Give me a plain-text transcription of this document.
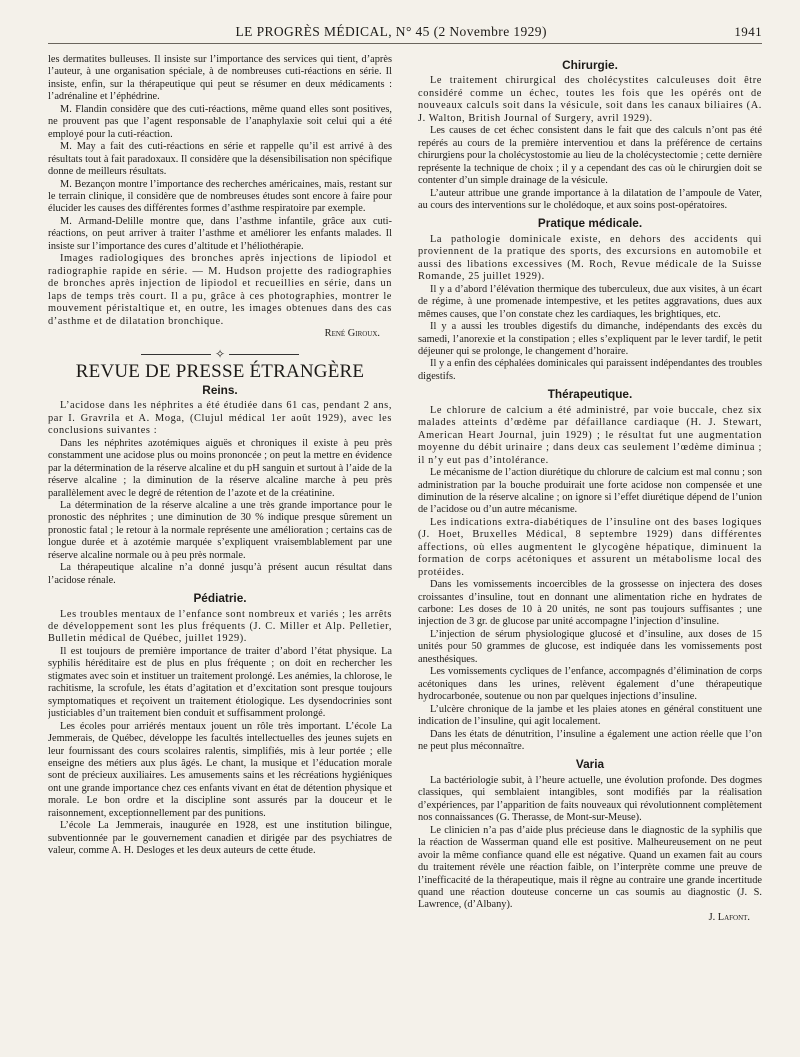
LE PROGRÈS MÉDICAL, N° 45 (2 Novembre 1929)	1941

les dermatites bulleuses. Il insiste sur l’importance des services qui tient, d’après l’auteur, à une organisation spéciale, à de nombreuses cuti-réactions en série. Il insiste, enfin, sur la thérapeutique qui peut se résumer en deux médicaments : l’adrénaline et l’éphédrine.

M. Flandin considère que des cuti-réactions, même quand elles sont positives, ne prouvent pas que l’agent responsable de l’anaphylaxie soit celui qui a été employé pour la cuti-réaction.

M. May a fait des cuti-réactions en série et rappelle qu’il est arrivé à des résultats tout à fait paradoxaux. Il considère que la désensibilisation non spécifique donne de meilleurs résultats.

M. Bezançon montre l’importance des recherches américaines, mais, restant sur le terrain clinique, il considère que de nombreuses études sont encore à faire pour élucider les causes des différentes formes d’asthme respiratoire par exemple.

M. Armand-Delille montre que, dans l’asthme infantile, grâce aux cuti-réactions, on peut arriver à traiter l’asthme et améliorer les enfants malades. Il insiste sur l’importance des cures d’altitude et l’héliothérapie.

Images radiologiques des bronches après injections de lipiodol et radiographie rapide en série. — M. Hudson projette des radiographies de bronches après injection de lipiodol et recueillies en série, dans un laps de temps très court. Il a pu, grâce à ces photographies, montrer le mouvement péristaltique et, en outre, les images obtenues dans des cas d’asthme et de dilatation bronchique.

René Giroux.
✧
REVUE DE PRESSE ÉTRANGÈRE
Reins.

L’acidose dans les néphrites a été étudiée dans 61 cas, pendant 2 ans, par I. Gravrila et A. Moga, (Clujul médical 1er août 1929), avec les conclusions suivantes :

Dans les néphrites azotémiques aiguës et chroniques il existe à peu près constamment une acidose plus ou moins prononcée ; on peut la mettre en évidence par la détermination de la réserve alcaline et du pH sanguin et surtout à l’aide de la réserve alcaline ; la diminution de la réserve alcaline marche à peu près parallèlement avec le degré de rétention de l’azote et de la créatinine.

La détermination de la réserve alcaline a une très grande importance pour le pronostic des néphrites ; une diminution de 30 % indique presque sûrement un pronostic fatal ; le retour à la normale représente une amélioration ; certains cas de longue durée et à azotémie marquée s’expliquent vraisemblablement par une réserve alcaline normale ou à peu près normale.

La thérapeutique alcaline n’a donné jusqu’à présent aucun résultat dans l’acidose rénale.

Pédiatrie.

Les troubles mentaux de l’enfance sont nombreux et variés ; les arrêts de développement sont les plus fréquents (J. C. Miller et Alp. Pelletier, Bulletin médical de Québec, juillet 1929).

Il est toujours de première importance de traiter d’abord l’état physique. La syphilis héréditaire est de plus en plus fréquente ; on doit en rechercher les stigmates avec soin et instituer un traitement prolongé. Les anémies, la chlorose, le rachitisme, la scrofule, les états d’agitation et d’excitation sont presque toujours symptomatiques et reçoivent un traitement étiologique. Les dysendocrinies sont justiciables d’un traitement bien conduit et suffisamment prolongé.

Les écoles pour arriérés mentaux jouent un rôle très important. L’école La Jemmerais, de Québec, développe les facultés intellectuelles des jeunes sujets en leur fournissant des cours scolaires ralentis, simplifiés, mis à leur portée ; elle enseigne des métiers aux plus âgés. Le chant, la musique et l’éducation morale sont de précieux auxiliaires. Les amusements sains et les récréations hygiéniques ont une grande importance chez ces enfants vivant en état de détention physique et morale. Le bon ordre et la discipline sont assurés par la douceur et le raisonnement, exceptionnellement par des punitions.

L’école La Jemmerais, inaugurée en 1928, est une institution bilingue, subventionnée par le gouvernement canadien et dirigée par des psychiatres de valeur, comme A. H. Desloges et les deux auteurs de cette étude.

Chirurgie.

Le traitement chirurgical des cholécystites calculeuses doit être considéré comme un échec, toutes les fois que les opérés ont de nouveaux calculs soit dans la vésicule, soit dans les canaux biliaires (A. J. Walton, British Journal of Surgery, avril 1929).

Les causes de cet échec consistent dans le fait que des calculs n’ont pas été repérés au cours de la première interventiou et dans la préférence de certains chirurgiens pour la cholécystostomie au lieu de la cholécystectomie ; cette dernière représente la technique de choix ; il y a cependant des cas où le chirurgien doit se contenter d’un simple drainage de la vésicule.

L’auteur attribue une grande importance à la dilatation de l’ampoule de Vater, au cours des interventions sur le cholédoque, et aux soins post-opératoires.

Pratique médicale.

La pathologie dominicale existe, en dehors des accidents qui proviennent de la pratique des sports, des excursions en automobile et aussi des libations excessives (M. Roch, Revue médicale de la Suisse Romande, 25 juillet 1929).

Il y a d’abord l’élévation thermique des tuberculeux, due aux visites, à un écart de régime, à une promenade intempestive, et les petites aggravations, dues aux mêmes causes, que l’on constate chez les cardiaques, les brightiques, etc.

Il y a aussi les troubles digestifs du dimanche, indépendants des excès du samedi, l’anorexie et la constipation ; elles s’expliquent par le lever tardif, le petit déjeuner qui se prolonge, le changement d’horaire.

Il y a enfin des céphalées dominicales qui paraissent indépendantes des troubles digestifs.

Thérapeutique.

Le chlorure de calcium a été administré, par voie buccale, chez six malades atteints d’œdème par défaillance cardiaque (H. J. Stewart, American Heart Journal, juin 1929) ; le résultat fut une augmentation moyenne du débit urinaire ; dans deux cas seulement l’œdème diminua ; il n’y eut pas d’intolérance.

Le mécanisme de l’action diurétique du chlorure de calcium est mal connu ; son administration par la bouche produirait une forte acidose non compensée et une diminution de la réserve alcaline ; on ignore si l’effet diurétique dépend de l’union de l’acidose ou d’un autre mécanisme.

Les indications extra-diabétiques de l’insuline ont des bases logiques (J. Hoet, Bruxelles Médical, 8 septembre 1929) dans différentes affections, où elles augmentent le glycogène hépatique, diminuent la formation de corps acétoniques et assurent un métabolisme local des protéides.

Dans les vomissements incoercibles de la grossesse on injectera des doses croissantes d’insuline, tout en donnant une alimentation riche en hydrates de carbone: Les doses de 10 à 20 unités, ne sont pas toujours suffisantes ; une injection de 3 gr. de glucose par unité accompagne l’injection d’insuline.

L’injection de sérum physiologique glucosé et d’insuline, aux doses de 15 unités pour 50 grammes de glucose, est indiquée dans les vomissements post anesthésiques.

Les vomissements cycliques de l’enfance, accompagnés d’élimination de corps acétoniques dans les urines, relèvent également d’une thérapeutique hydrocarbonée, soutenue ou non par quelques injections d’insuline.

L’ulcère chronique de la jambe et les plaies atones en général constituent une indication de l’insuline, qui agit localement.

Dans les états de dénutrition, l’insuline a également une action réelle que l’on ne peut plus méconnaître.

Varia

La bactériologie subit, à l’heure actuelle, une évolution profonde. Des dogmes classiques, qui semblaient intangibles, sont modifiés par la réalisation d’expériences, par l’apparition de faits nouveaux qui révolutionnent complètement nos connaissances (G. Therasse, de Mont-sur-Meuse).

Le clinicien n’a pas d’aide plus précieuse dans le diagnostic de la syphilis que la réaction de Wasserman quand elle est positive. Malheureusement on ne peut avoir la même confiance quand elle est négative. Quand un examen fait au cours du traitement révèle une réaction faible, on l’interprète comme une preuve de l’inefficacité de la thérapeutique, mais il règne au contraire une grande incertitude quand une réaction douteuse concerne un cas soumis au diagnostic (J. S. Lawrence, (d’Albany).

J. Lafont.
